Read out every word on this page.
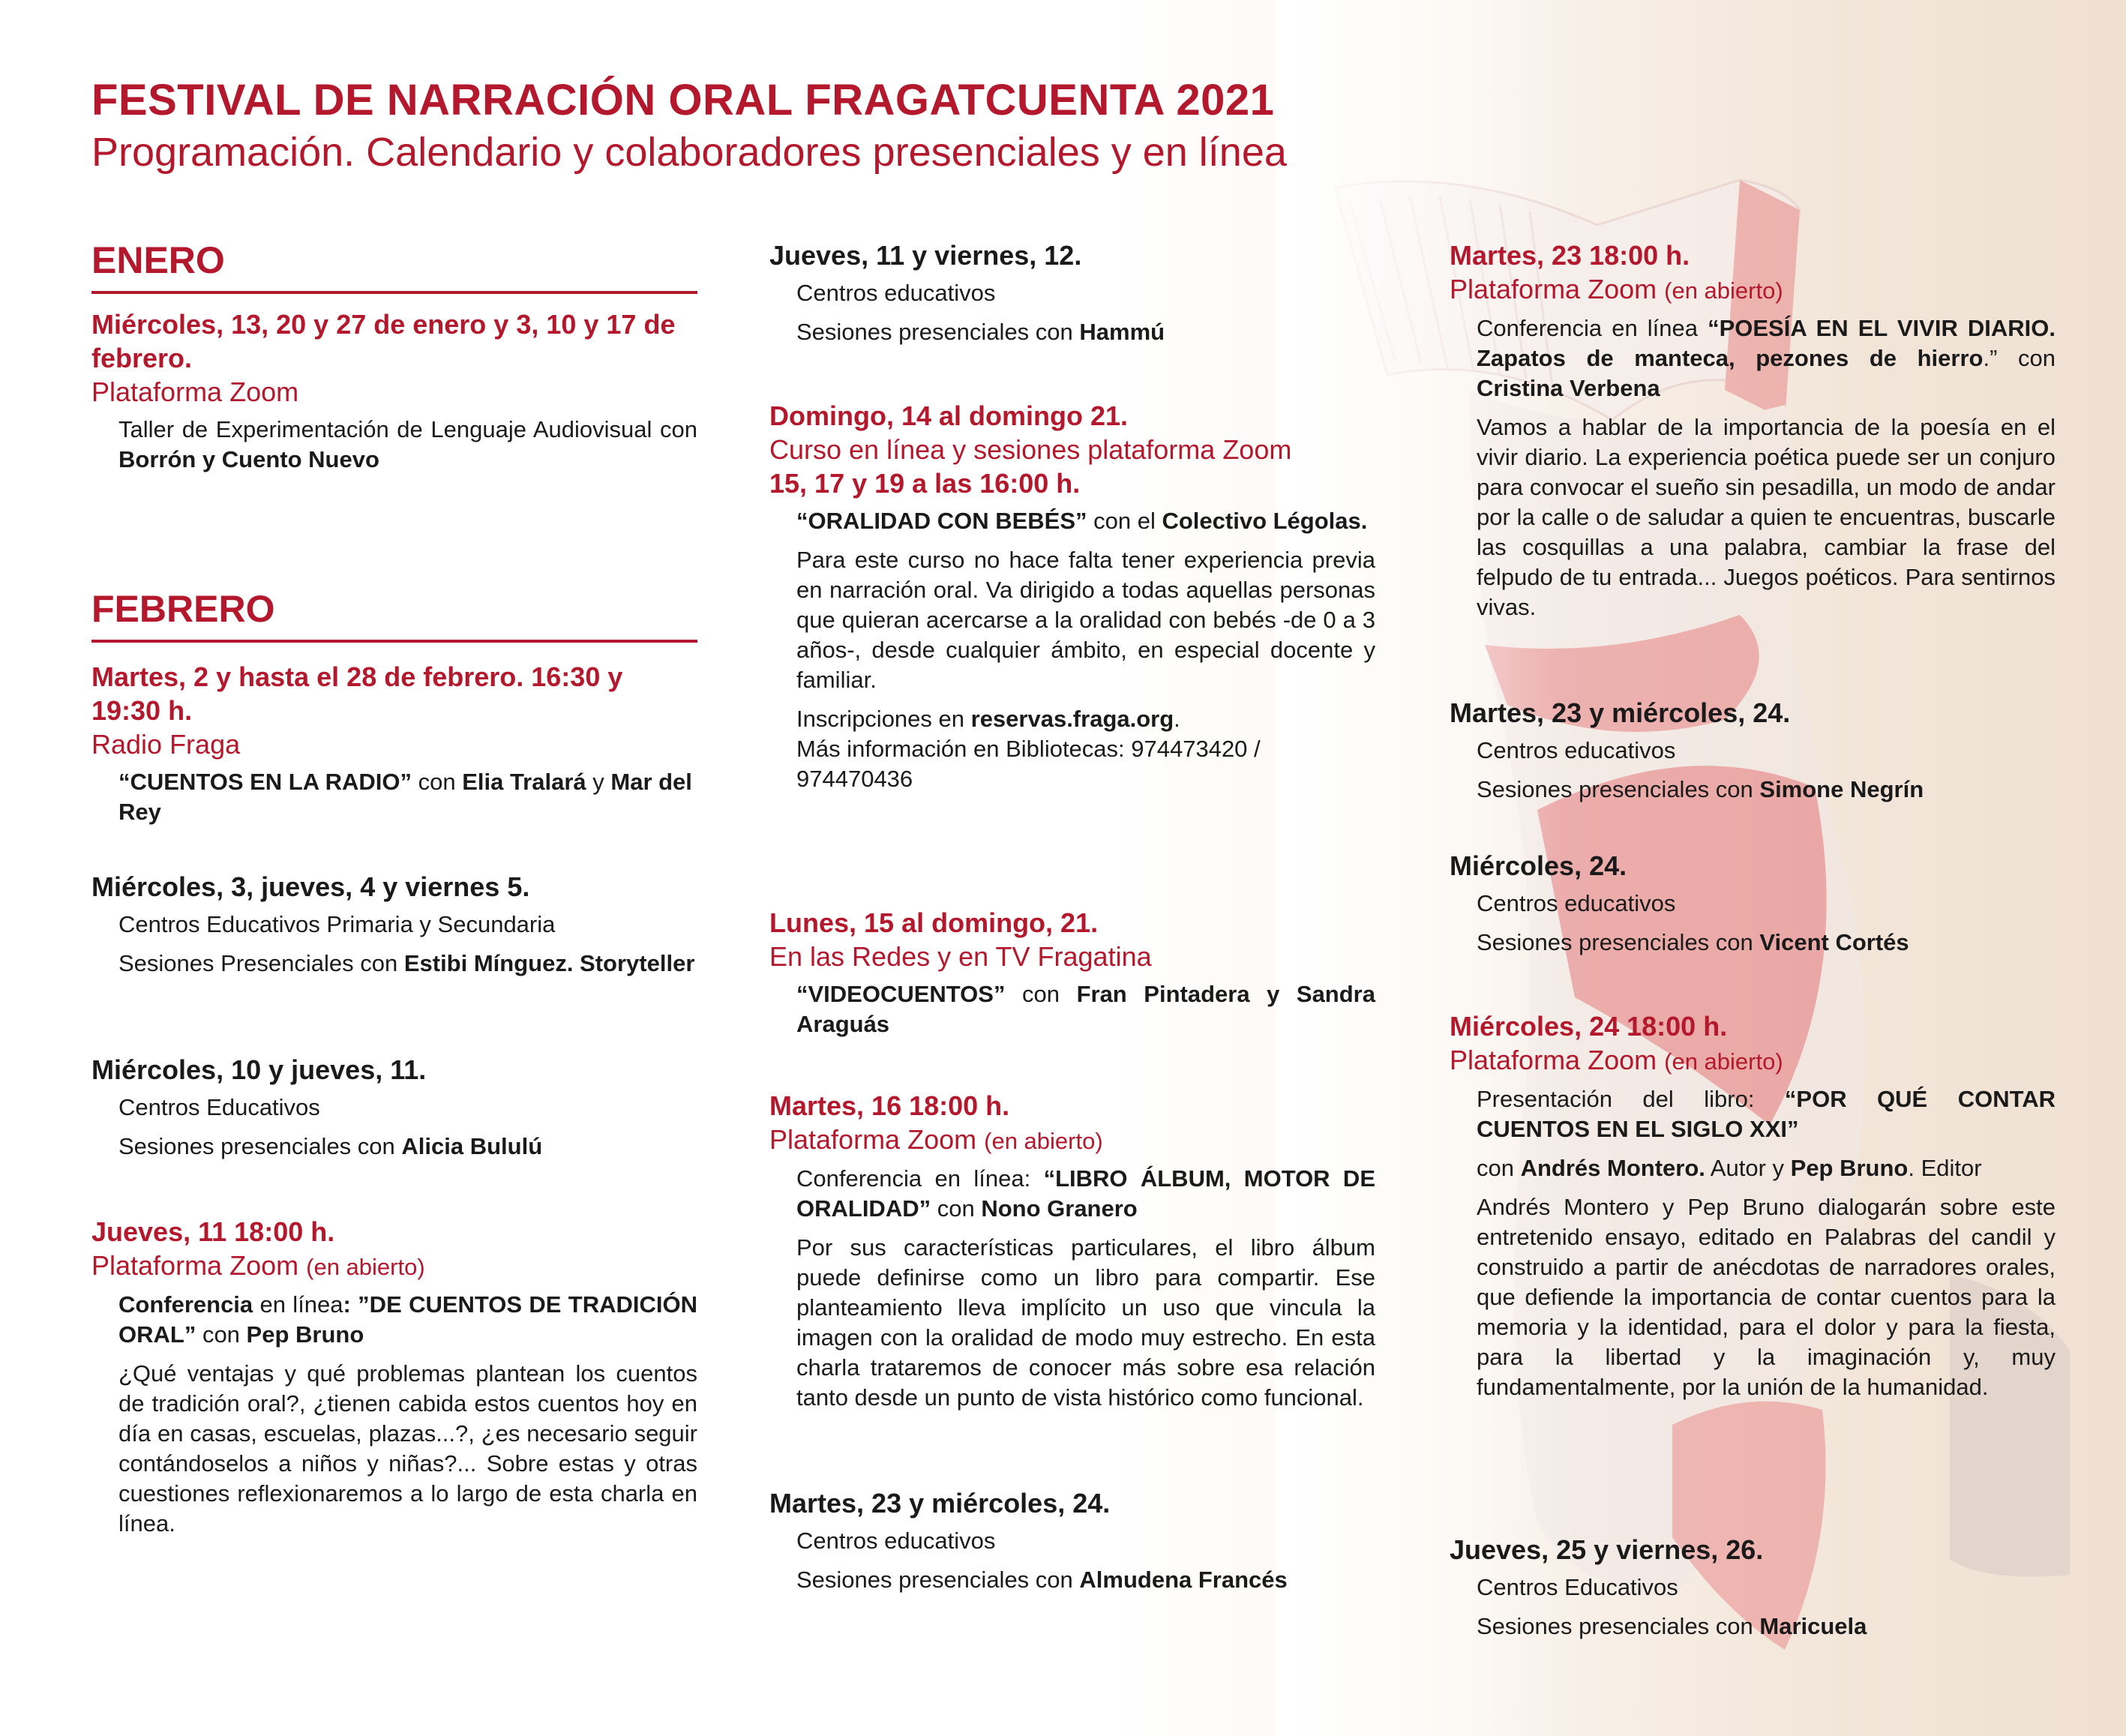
FESTIVAL DE NARRACIÓN ORAL FRAGATCUENTA 2021
Programación. Calendario y colaboradores presenciales y en línea
ENERO
Miércoles, 13, 20 y 27 de enero y 3, 10 y 17 de febrero.
Plataforma Zoom
Taller de Experimentación de Lenguaje Audiovisual con Borrón y Cuento Nuevo
FEBRERO
Martes, 2 y hasta el 28 de febrero. 16:30 y 19:30 h.
Radio Fraga
“CUENTOS EN LA RADIO” con Elia Tralará y Mar del Rey
Miércoles, 3, jueves, 4 y viernes 5.
Centros Educativos Primaria y Secundaria
Sesiones Presenciales con Estibi Mínguez. Storyteller
Miércoles, 10 y jueves, 11.
Centros Educativos
Sesiones presenciales con Alicia Bululú
Jueves, 11 18:00 h.
Plataforma Zoom (en abierto)
Conferencia en línea: ”DE CUENTOS DE TRADICIÓN ORAL” con Pep Bruno
¿Qué ventajas y qué problemas plantean los cuentos de tradición oral?, ¿tienen cabida estos cuentos hoy en día en casas, escuelas, plazas...?, ¿es necesario seguir contándoselos a niños y niñas?... Sobre estas y otras cuestiones reflexionaremos a lo largo de esta charla en línea.
Jueves, 11 y viernes, 12.
Centros educativos
Sesiones presenciales con Hammú
Domingo, 14 al domingo 21.
Curso en línea y sesiones plataforma Zoom
15, 17 y 19 a las 16:00 h.
“ORALIDAD CON BEBÉS” con el Colectivo Légolas.
Para este curso no hace falta tener experiencia previa en narración oral. Va dirigido a todas aquellas personas que quieran acercarse a la oralidad con bebés -de 0 a 3 años-, desde cualquier ámbito, en especial docente y familiar.
Inscripciones en reservas.fraga.org.
Más información en Bibliotecas: 974473420 / 974470436
Lunes, 15 al domingo, 21.
En las Redes y en TV Fragatina
“VIDEOCUENTOS” con Fran Pintadera y Sandra Araguás
Martes, 16 18:00 h.
Plataforma Zoom (en abierto)
Conferencia en línea: “LIBRO ÁLBUM, MOTOR DE ORALIDAD” con Nono Granero
Por sus características particulares, el libro álbum puede definirse como un libro para compartir. Ese planteamiento lleva implícito un uso que vincula la imagen con la oralidad de modo muy estrecho. En esta charla trataremos de conocer más sobre esa relación tanto desde un punto de vista histórico como funcional.
Martes, 23 y miércoles, 24.
Centros educativos
Sesiones presenciales con Almudena Francés
Martes, 23 18:00 h.
Plataforma Zoom (en abierto)
Conferencia en línea “POESÍA EN EL VIVIR DIARIO. Zapatos de manteca, pezones de hierro.” con Cristina Verbena
Vamos a hablar de la importancia de la poesía en el vivir diario. La experiencia poética puede ser un conjuro para convocar el sueño sin pesadilla, un modo de andar por la calle o de saludar a quien te encuentras, buscarle las cosquillas a una palabra, cambiar la frase del felpudo de tu entrada... Juegos poéticos. Para sentirnos vivas.
Martes, 23 y miércoles, 24.
Centros educativos
Sesiones presenciales con Simone Negrín
Miércoles, 24.
Centros educativos
Sesiones presenciales con Vicent Cortés
Miércoles, 24 18:00 h.
Plataforma Zoom (en abierto)
Presentación del libro: “POR QUÉ CONTAR CUENTOS EN EL SIGLO XXI”
con Andrés Montero. Autor y Pep Bruno. Editor
Andrés Montero y Pep Bruno dialogarán sobre este entretenido ensayo, editado en Palabras del candil y construido a partir de anécdotas de narradores orales, que defiende la importancia de contar cuentos para la memoria y la identidad, para el dolor y para la fiesta, para la libertad y la imaginación y, muy fundamentalmente, por la unión de la humanidad.
Jueves, 25 y viernes, 26.
Centros Educativos
Sesiones presenciales con Maricuela
